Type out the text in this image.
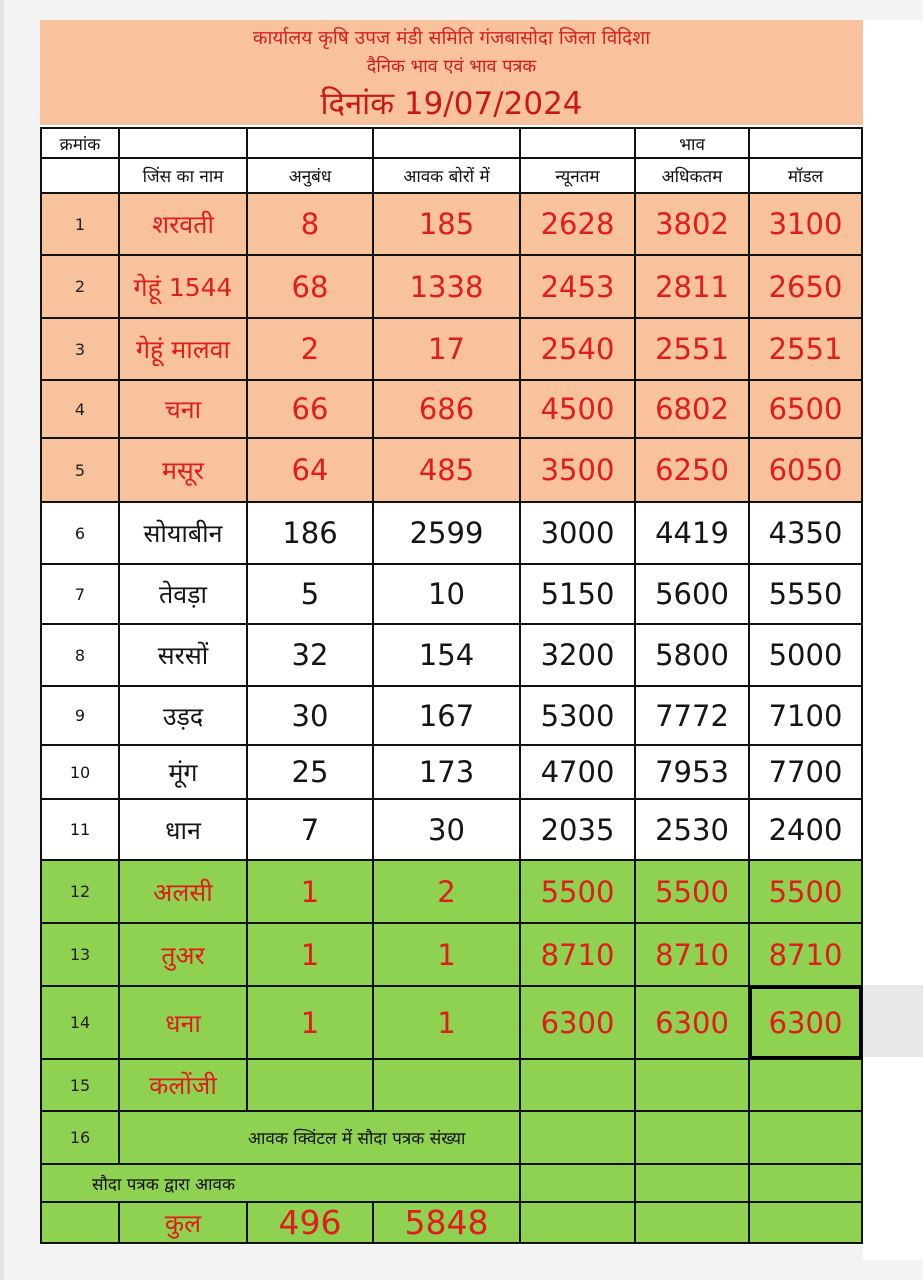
कार्यालय कृषि उपज मंडी समिति गंजबासोदा जिला विदिशा
दैनिक भाव एवं भाव पत्रक
दिनांक 19/07/2024
क्रमांक					भाव	
	जिंस का नाम	अनुबंध	आवक बोरों में	न्यूनतम	अधिकतम	मॉडल
1	शरवती	8	185	2628	3802	3100
2	गेहूं 1544	68	1338	2453	2811	2650
3	गेहूं मालवा	2	17	2540	2551	2551
4	चना	66	686	4500	6802	6500
5	मसूर	64	485	3500	6250	6050
6	सोयाबीन	186	2599	3000	4419	4350
7	तेवड़ा	5	10	5150	5600	5550
8	सरसों	32	154	3200	5800	5000
9	उड़द	30	167	5300	7772	7100
10	मूंग	25	173	4700	7953	7700
11	धान	7	30	2035	2530	2400
12	अलसी	1	2	5500	5500	5500
13	तुअर	1	1	8710	8710	8710
14	धना	1	1	6300	6300	6300
15	कलोंजी					
16	आवक क्विंटल में सौदा पत्रक संख्या					
सौदा पत्रक द्वारा आवक						
	कुल	496	5848			
